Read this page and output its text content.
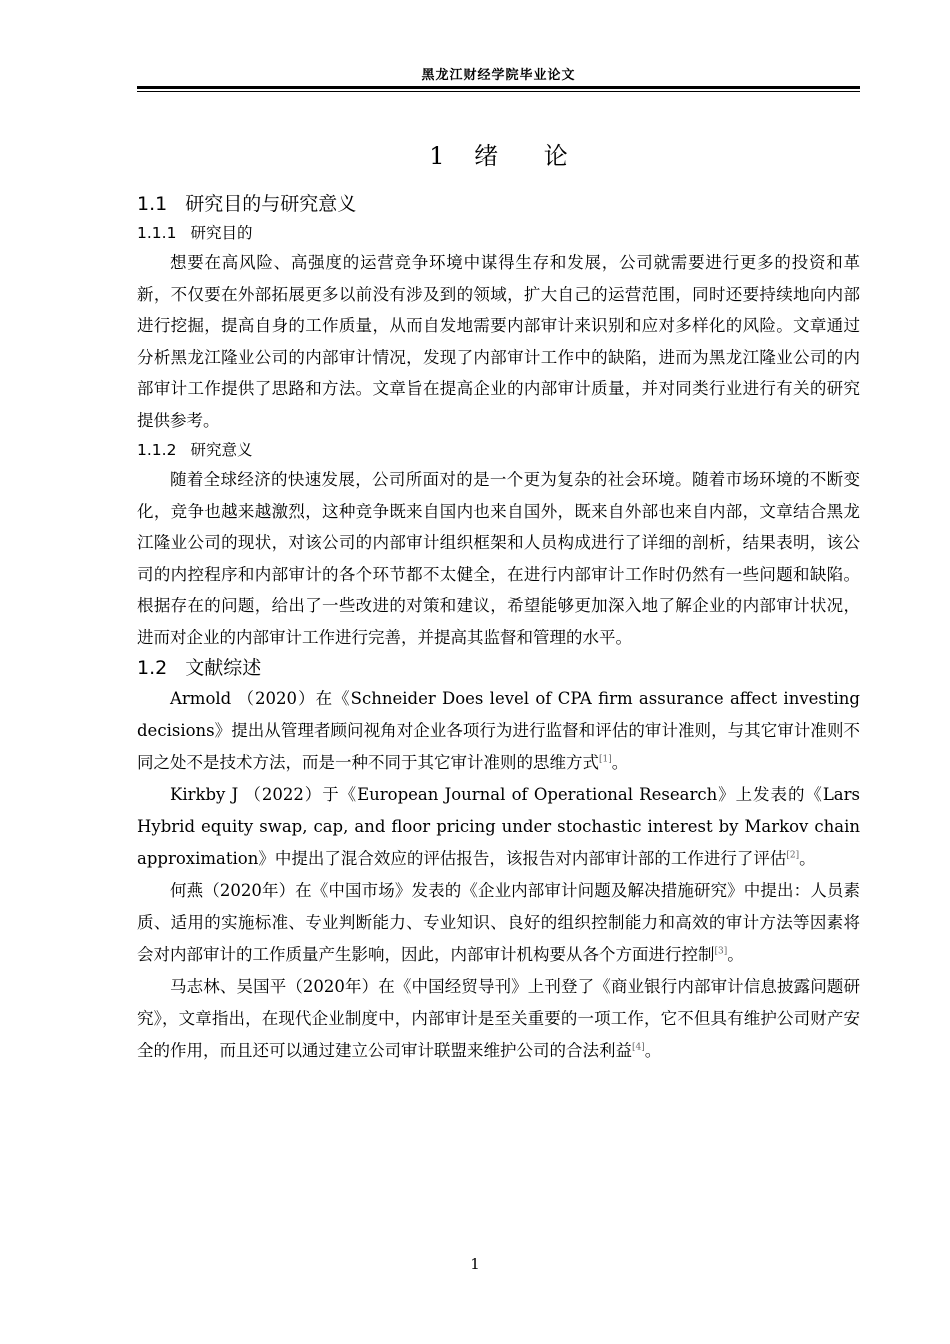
黑龙江财经学院毕业论文
1 绪 论
1.1 研究目的与研究意义
1.1.1 研究目的

想要在高风险、高强度的运营竞争环境中谋得生存和发展，公司就需要进行更多的投资和革新，不仅要在外部拓展更多以前没有涉及到的领域，扩大自己的运营范围，同时还要持续地向内部进行挖掘，提高自身的工作质量，从而自发地需要内部审计来识别和应对多样化的风险。文章通过分析黑龙江隆业公司的内部审计情况，发现了内部审计工作中的缺陷，进而为黑龙江隆业公司的内部审计工作提供了思路和方法。文章旨在提高企业的内部审计质量，并对同类行业进行有关的研究提供参考。

1.1.2 研究意义

随着全球经济的快速发展，公司所面对的是一个更为复杂的社会环境。随着市场环境的不断变化，竞争也越来越激烈，这种竞争既来自国内也来自国外，既来自外部也来自内部，文章结合黑龙江隆业公司的现状，对该公司的内部审计组织框架和人员构成进行了详细的剖析，结果表明，该公司的内控程序和内部审计的各个环节都不太健全，在进行内部审计工作时仍然有一些问题和缺陷。根据存在的问题，给出了一些改进的对策和建议，希望能够更加深入地了解企业的内部审计状况，进而对企业的内部审计工作进行完善，并提高其监督和管理的水平。

1.2 文献综述

Armold （2020）在《Schneider Does level of CPA firm assurance affect investing decisions》提出从管理者顾问视角对企业各项行为进行监督和评估的审计准则，与其它审计准则不同之处不是技术方法，而是一种不同于其它审计准则的思维方式[1]。

Kirkby J （2022）于《European Journal of Operational Research》上发表的《Lars Hybrid equity swap, cap, and floor pricing under stochastic interest by Markov chain approximation》中提出了混合效应的评估报告，该报告对内部审计部的工作进行了评估[2]。

何燕（2020年）在《中国市场》发表的《企业内部审计问题及解决措施研究》中提出：人员素质、适用的实施标准、专业判断能力、专业知识、良好的组织控制能力和高效的审计方法等因素将会对内部审计的工作质量产生影响，因此，内部审计机构要从各个方面进行控制[3]。

马志林、吴国平（2020年）在《中国经贸导刊》上刊登了《商业银行内部审计信息披露问题研究》，文章指出，在现代企业制度中，内部审计是至关重要的一项工作，它不但具有维护公司财产安全的作用，而且还可以通过建立公司审计联盟来维护公司的合法利益[4]。

1
